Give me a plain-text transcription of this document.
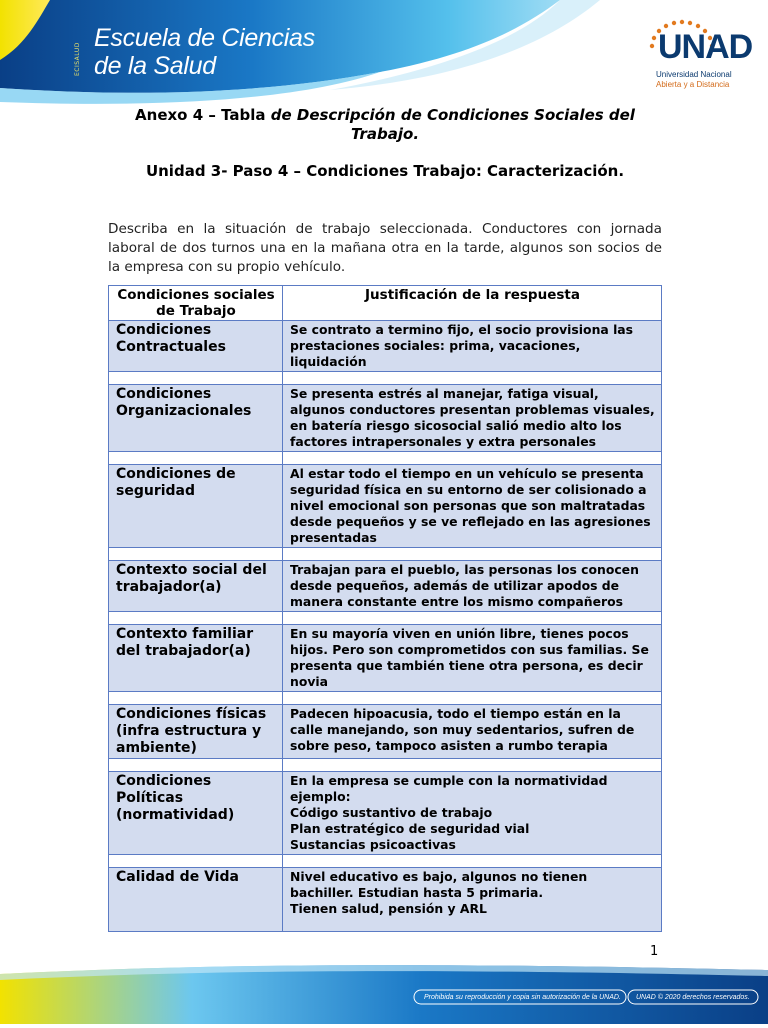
ECISALUD
Escuela de Ciencias
de la Salud	UNAD
Universidad Nacional
Abierta y a Distancia
Anexo 4 – Tabla de Descripción de Condiciones Sociales del
Trabajo.
Unidad 3- Paso 4 – Condiciones Trabajo: Caracterización.
Describa en la situación de trabajo seleccionada. Conductores con jornada laboral de dos turnos una en la mañana otra en la tarde, algunos son socios de la empresa con su propio vehículo.
Condiciones sociales de Trabajo	Justificación de la respuesta
Condiciones Contractuales	Se contrato a termino fijo, el socio provisiona las prestaciones sociales: prima, vacaciones, liquidación

Condiciones Organizacionales	Se presenta estrés al manejar, fatiga visual, algunos conductores presentan problemas visuales, en batería riesgo sicosocial salió medio alto los factores intrapersonales y extra personales

Condiciones de seguridad	Al estar todo el tiempo en un vehículo se presenta seguridad física en su entorno de ser colisionado a nivel emocional son personas que son maltratadas desde pequeños y se ve reflejado en las agresiones presentadas

Contexto social del trabajador(a)	Trabajan para el pueblo, las personas los conocen desde pequeños, además de utilizar apodos de manera constante entre los mismo compañeros

Contexto familiar del trabajador(a)	En su mayoría viven en unión libre, tienes pocos hijos. Pero son comprometidos con sus familias. Se presenta que también tiene otra persona, es decir novia

Condiciones físicas (infra estructura y ambiente)	Padecen hipoacusia, todo el tiempo están en la calle manejando, son muy sedentarios, sufren de sobre peso, tampoco asisten a rumbo terapia

Condiciones Políticas (normatividad)	En la empresa se cumple con la normatividad ejemplo:
Código sustantivo de trabajo
Plan estratégico de seguridad vial
Sustancias psicoactivas

Calidad de Vida	Nivel educativo es bajo, algunos no tienen bachiller. Estudian hasta 5 primaria.
Tienen salud, pensión y ARL
1
Prohibida su reproducción y copia sin autorización de la UNAD. UNAD © 2020 derechos reservados.
